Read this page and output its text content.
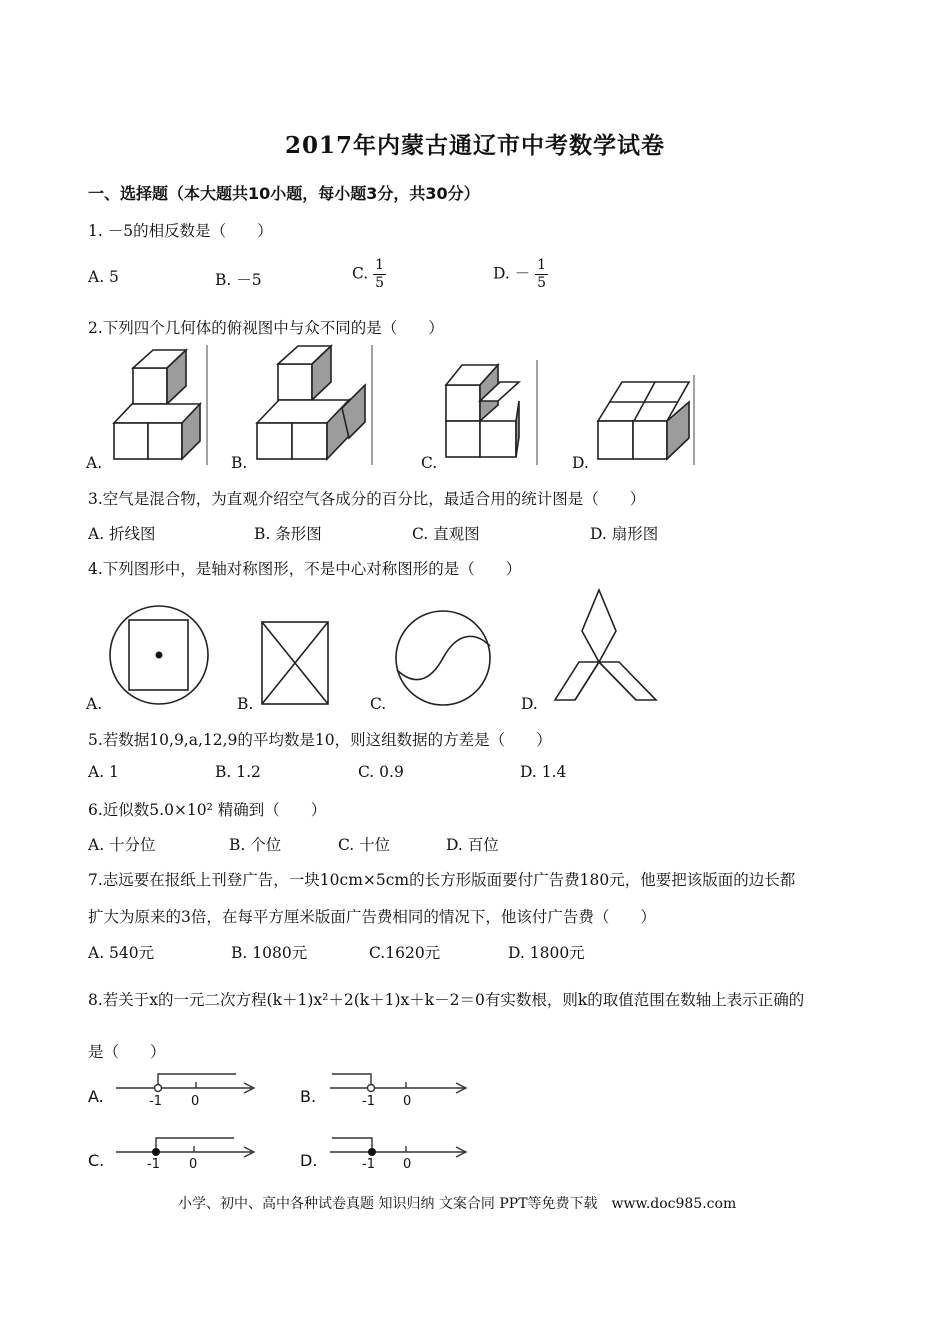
2017年内蒙古通辽市中考数学试卷
一、选择题（本大题共10小题，每小题3分，共30分）
1. －5的相反数是（　　）
A. 5	B. －5	C. $\frac{1}{5}$	D. － $\frac{1}{5}$
2.下列四个几何体的俯视图中与众不同的是（　　）
A.	B.	C.	D.
3.空气是混合物，为直观介绍空气各成分的百分比，最适合用的统计图是（　　）
A. 折线图	B. 条形图	C. 直观图	D. 扇形图
4.下列图形中，是轴对称图形，不是中心对称图形的是（　　）
A.	B.	C.	D.
5.若数据10,9,a,12,9的平均数是10，则这组数据的方差是（　　）
A. 1	B. 1.2	C. 0.9	D. 1.4
6.近似数5.0×10² 精确到（　　）
A. 十分位	B. 个位	C. 十位	D. 百位
7.志远要在报纸上刊登广告，一块10cm×5cm的长方形版面要付广告费180元，他要把该版面的边长都
扩大为原来的3倍，在每平方厘米版面广告费相同的情况下，他该付广告费（　　）
A. 540元	B. 1080元	C.1620元	D. 1800元
8.若关于x的一元二次方程(k＋1)x²＋2(k＋1)x＋k－2＝0有实数根，则k的取值范围在数轴上表示正确的
是（　　）
A.	B.
C.	D.
-1 0	-1 0
-1 0	-1 0
小学、初中、高中各种试卷真题 知识归纳 文案合同 PPT等免费下载　www.doc985.com
